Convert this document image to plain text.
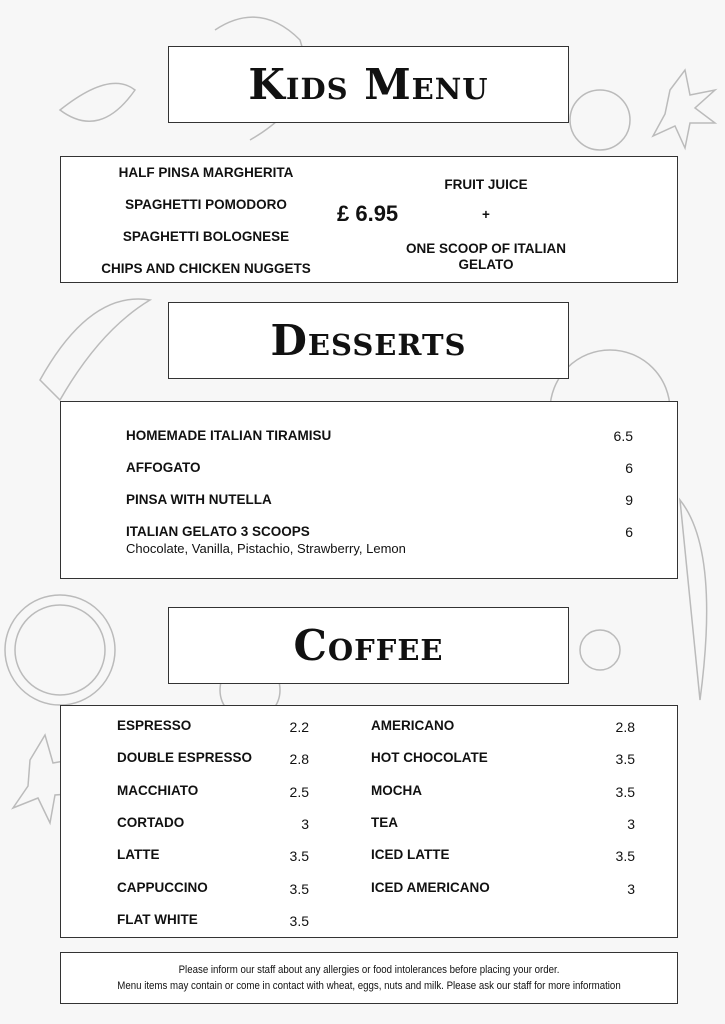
Kids Menu
HALF PINSA MARGHERITA
SPAGHETTI POMODORO
SPAGHETTI BOLOGNESE
CHIPS AND CHICKEN NUGGETS
£ 6.95
FRUIT JUICE
+
ONE SCOOP OF ITALIAN
GELATO
Desserts
HOMEMADE ITALIAN TIRAMISU	6.5
AFFOGATO	6
PINSA WITH NUTELLA	9
ITALIAN GELATO 3 SCOOPS	6
Chocolate, Vanilla, Pistachio, Strawberry, Lemon
Coffee
ESPRESSO	2.2
DOUBLE ESPRESSO	2.8
MACCHIATO	2.5
CORTADO	3
LATTE	3.5
CAPPUCCINO	3.5
FLAT WHITE	3.5
AMERICANO	2.8
HOT CHOCOLATE	3.5
MOCHA	3.5
TEA	3
ICED LATTE	3.5
ICED AMERICANO	3
Please inform our staff about any allergies or food intolerances before placing your order.
Menu items may contain or come in contact with wheat, eggs, nuts and milk. Please ask our staff for more information
